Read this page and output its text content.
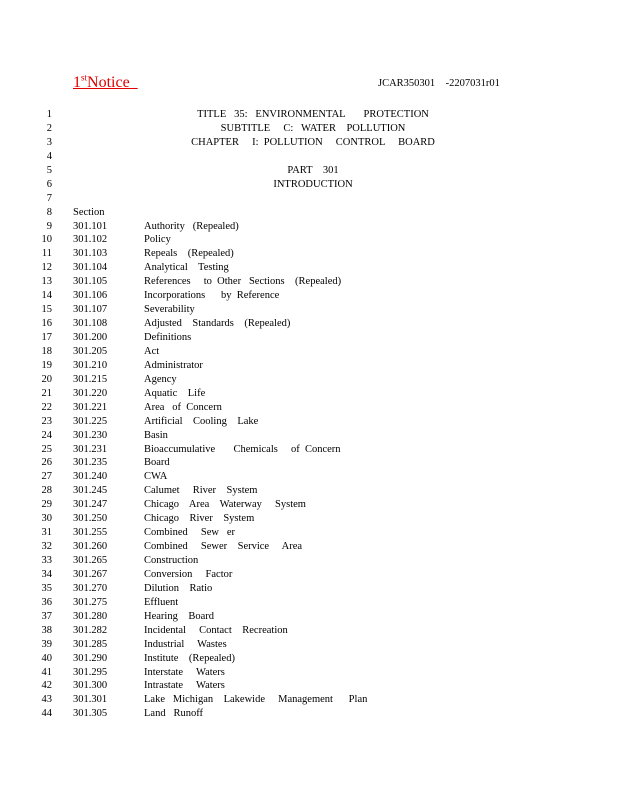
1stNotice	JCAR350301    -2207031r01
1	TITLE   35:   ENVIRONMENTAL       PROTECTION
2	SUBTITLE     C:   WATER    POLLUTION
3	CHAPTER     I:  POLLUTION     CONTROL     BOARD
4
5	PART    301
6	INTRODUCTION
7
8 Section
9 301.101	Authority   (Repealed)
10 301.102	Policy
11 301.103	Repeals    (Repealed)
12 301.104	Analytical    Testing
13 301.105	References     to  Other   Sections    (Repealed)
14 301.106	Incorporations      by  Reference
15 301.107	Severability
16 301.108	Adjusted    Standards    (Repealed)
17 301.200	Definitions
18 301.205	Act
19 301.210	Administrator
20 301.215	Agency
21 301.220	Aquatic    Life
22 301.221	Area   of  Concern
23 301.225	Artificial    Cooling    Lake
24 301.230	Basin
25 301.231	Bioaccumulative       Chemicals     of  Concern
26 301.235	Board
27 301.240	CWA
28 301.245	Calumet     River    System
29 301.247	Chicago    Area    Waterway     System
30 301.250	Chicago    River    System
31 301.255	Combined     Sew   er
32 301.260	Combined     Sewer    Service     Area
33 301.265	Construction
34 301.267	Conversion     Factor
35 301.270	Dilution    Ratio
36 301.275	Effluent
37 301.280	Hearing    Board
38 301.282	Incidental     Contact    Recreation
39 301.285	Industrial     Wastes
40 301.290	Institute    (Repealed)
41 301.295	Interstate     Waters
42 301.300	Intrastate     Waters
43 301.301	Lake   Michigan    Lakewide     Management      Plan
44 301.305	Land   Runoff
